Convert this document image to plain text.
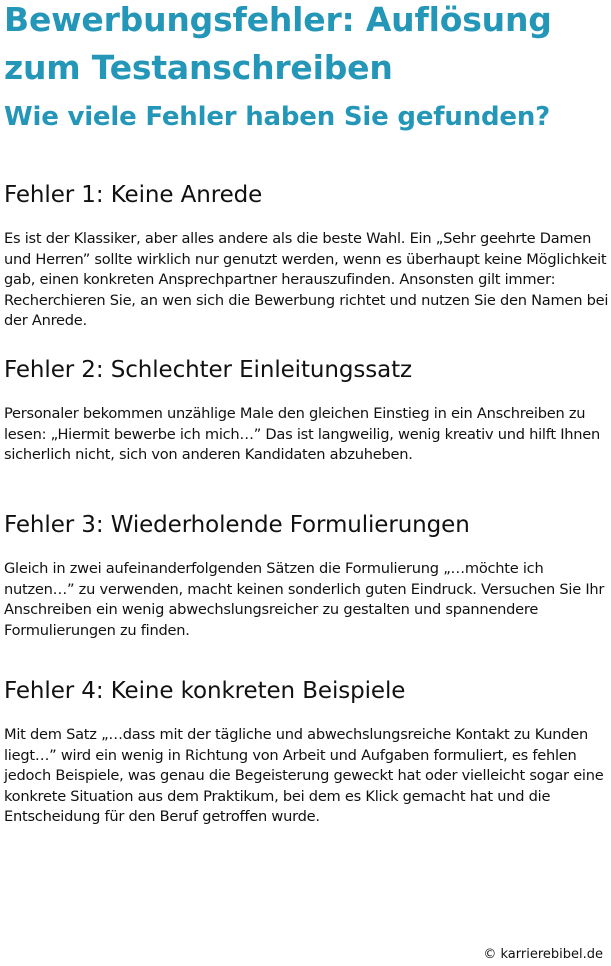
Bewerbungsfehler: Auflösung
zum Testanschreiben
Wie viele Fehler haben Sie gefunden?
Fehler 1: Keine Anrede

Es ist der Klassiker, aber alles andere als die beste Wahl. Ein „Sehr geehrte Damen und Herren” sollte wirklich nur genutzt werden, wenn es überhaupt keine Möglichkeit gab, einen konkreten Ansprechpartner herauszufinden. Ansonsten gilt immer: Recherchieren Sie, an wen sich die Bewerbung richtet und nutzen Sie den Namen bei der Anrede.

Fehler 2: Schlechter Einleitungssatz

Personaler bekommen unzählige Male den gleichen Einstieg in ein Anschreiben zu lesen: „Hiermit bewerbe ich mich…” Das ist langweilig, wenig kreativ und hilft Ihnen sicherlich nicht, sich von anderen Kandidaten abzuheben.

Fehler 3: Wiederholende Formulierungen

Gleich in zwei aufeinanderfolgenden Sätzen die Formulierung „…möchte ich nutzen…” zu verwenden, macht keinen sonderlich guten Eindruck. Versuchen Sie Ihr Anschreiben ein wenig abwechslungsreicher zu gestalten und spannendere Formulierungen zu finden.

Fehler 4: Keine konkreten Beispiele

Mit dem Satz „…dass mit der tägliche und abwechslungsreiche Kontakt zu Kunden liegt…” wird ein wenig in Richtung von Arbeit und Aufgaben formuliert, es fehlen jedoch Beispiele, was genau die Begeisterung geweckt hat oder vielleicht sogar eine konkrete Situation aus dem Praktikum, bei dem es Klick gemacht hat und die Entscheidung für den Beruf getroffen wurde.

© karrierebibel.de
